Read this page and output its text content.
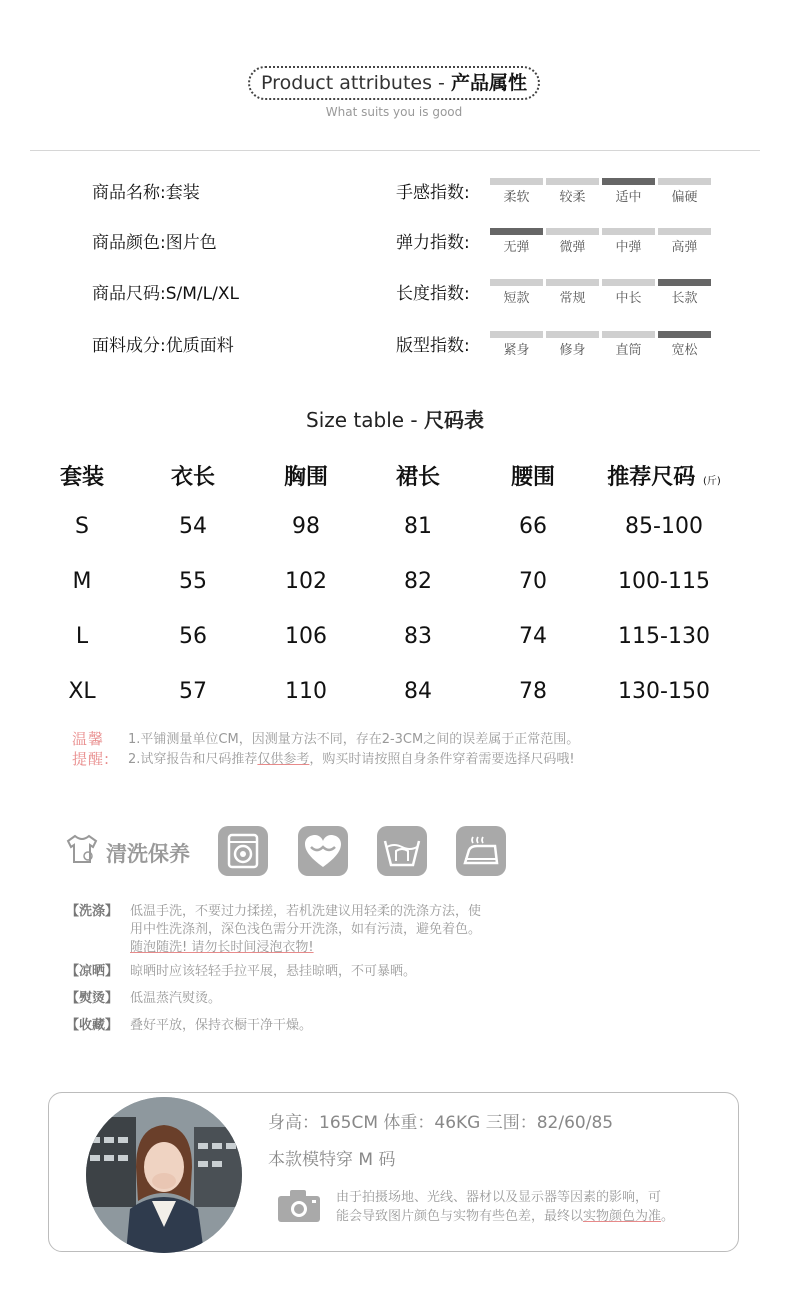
Product attributes - 产品属性
What suits you is good
商品名称:套装
商品颜色:图片色
商品尺码:S/M/L/XL
面料成分:优质面料
手感指数:	柔软	较柔	适中	偏硬
弹力指数:	无弹	微弹	中弹	高弹
长度指数:	短款	常规	中长	长款
版型指数:	紧身	修身	直筒	宽松
Size table - 尺码表
套装	衣长	胸围	裙长	腰围	推荐尺码 (斤)
S	54	98	81	66	85-100
M	55	102	82	70	100-115
L	56	106	83	74	115-130
XL	57	110	84	78	130-150
温馨
提醒:
1.平铺测量单位CM，因测量方法不同，存在2-3CM之间的误差属于正常范围。
2.试穿报告和尺码推荐仅供参考，购买时请按照自身条件穿着需要选择尺码哦!
清洗保养
【洗涤】 低温手洗，不要过力揉搓，若机洗建议用轻柔的洗涤方法，使
用中性洗涤剂，深色浅色需分开洗涤，如有污渍，避免着色。
随泡随洗! 请勿长时间浸泡衣物!
【凉晒】 晾晒时应该轻轻手拉平展，悬挂晾晒，不可暴晒。
【熨烫】 低温蒸汽熨烫。
【收藏】 叠好平放，保持衣橱干净干燥。
身高：165CM 体重：46KG 三围：82/60/85
本款模特穿 M 码
由于拍摄场地、光线、器材以及显示器等因素的影响，可
能会导致图片颜色与实物有些色差，最终以实物颜色为准。
